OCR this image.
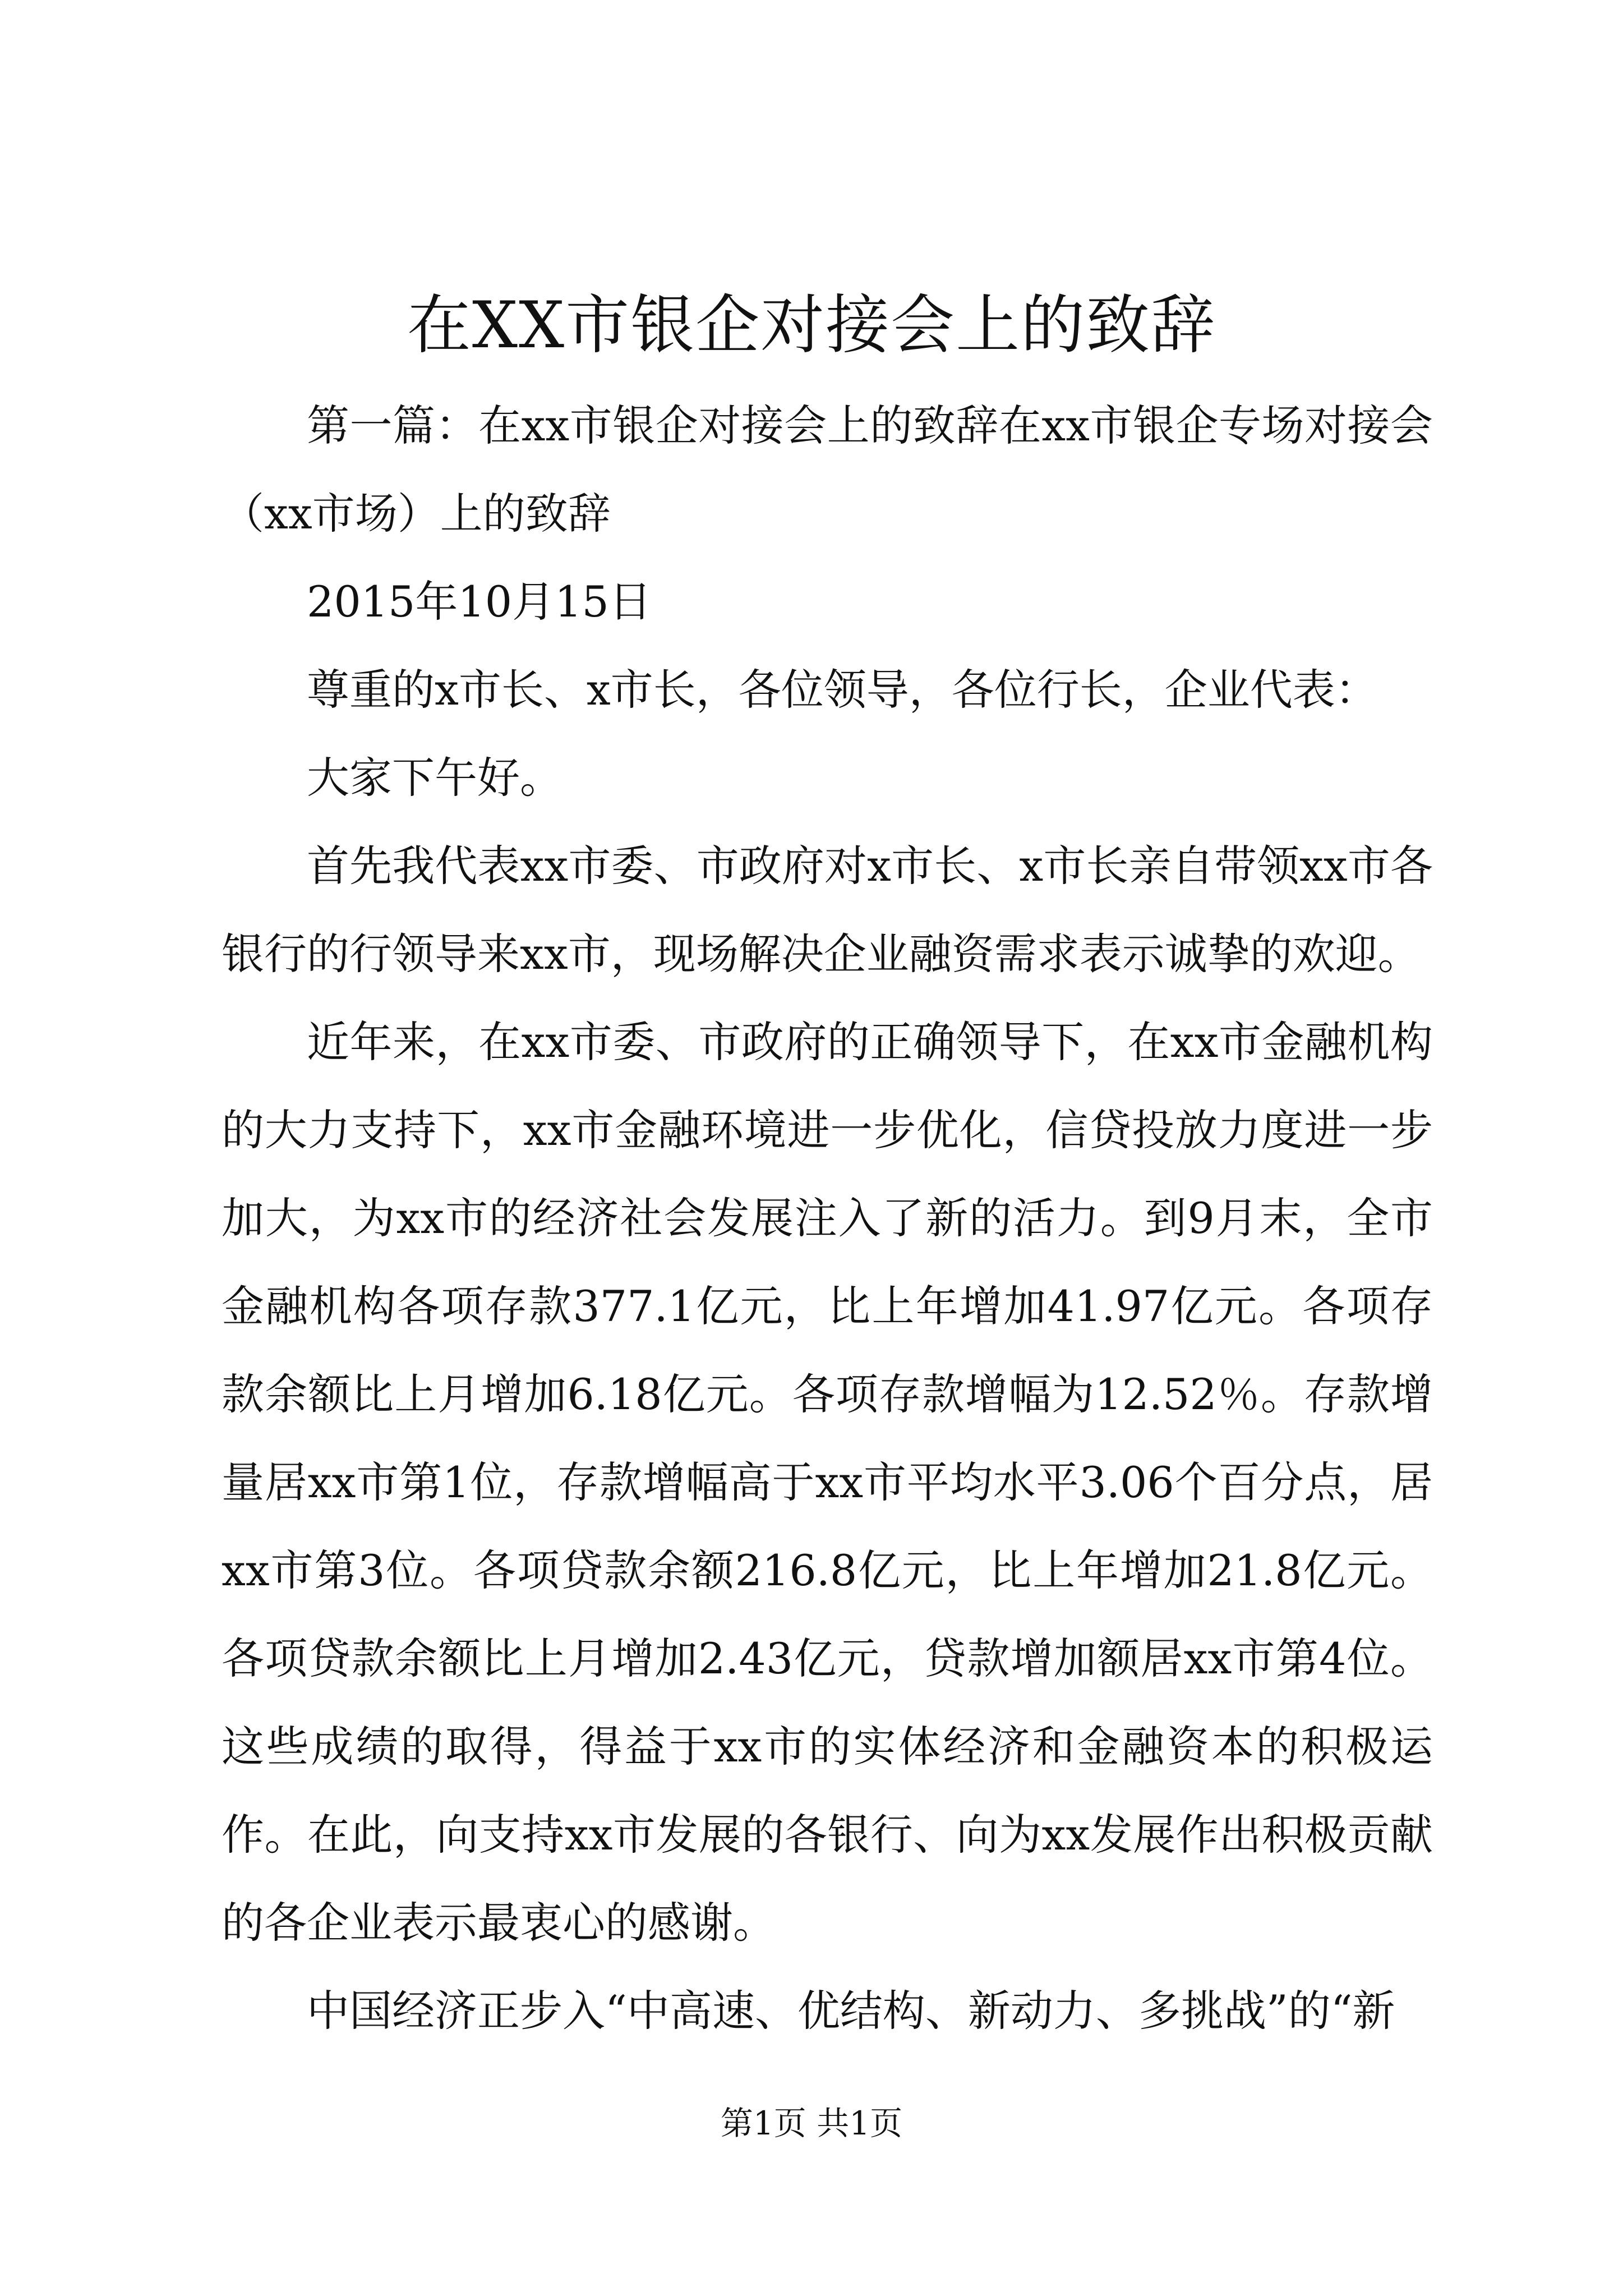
在XX市银企对接会上的致辞

第一篇：在xx市银企对接会上的致辞在xx市银企专场对接会（xx市场）上的致辞

2015年10月15日

尊重的x市长、x市长，各位领导，各位行长，企业代表：

大家下午好。

首先我代表xx市委、市政府对x市长、x市长亲自带领xx市各银行的行领导来xx市，现场解决企业融资需求表示诚挚的欢迎。

近年来，在xx市委、市政府的正确领导下，在xx市金融机构的大力支持下，xx市金融环境进一步优化，信贷投放力度进一步加大，为xx市的经济社会发展注入了新的活力。到9月末，全市金融机构各项存款377.1亿元，比上年增加41.97亿元。各项存款余额比上月增加6.18亿元。各项存款增幅为12.52％。存款增量居xx市第1位，存款增幅高于xx市平均水平3.06个百分点，居xx市第3位。各项贷款余额216.8亿元，比上年增加21.8亿元。各项贷款余额比上月增加2.43亿元，贷款增加额居xx市第4位。这些成绩的取得，得益于xx市的实体经济和金融资本的积极运作。在此，向支持xx市发展的各银行、向为xx发展作出积极贡献的各企业表示最衷心的感谢。

中国经济正步入“中高速、优结构、新动力、多挑战”的“新

第1页 共1页
